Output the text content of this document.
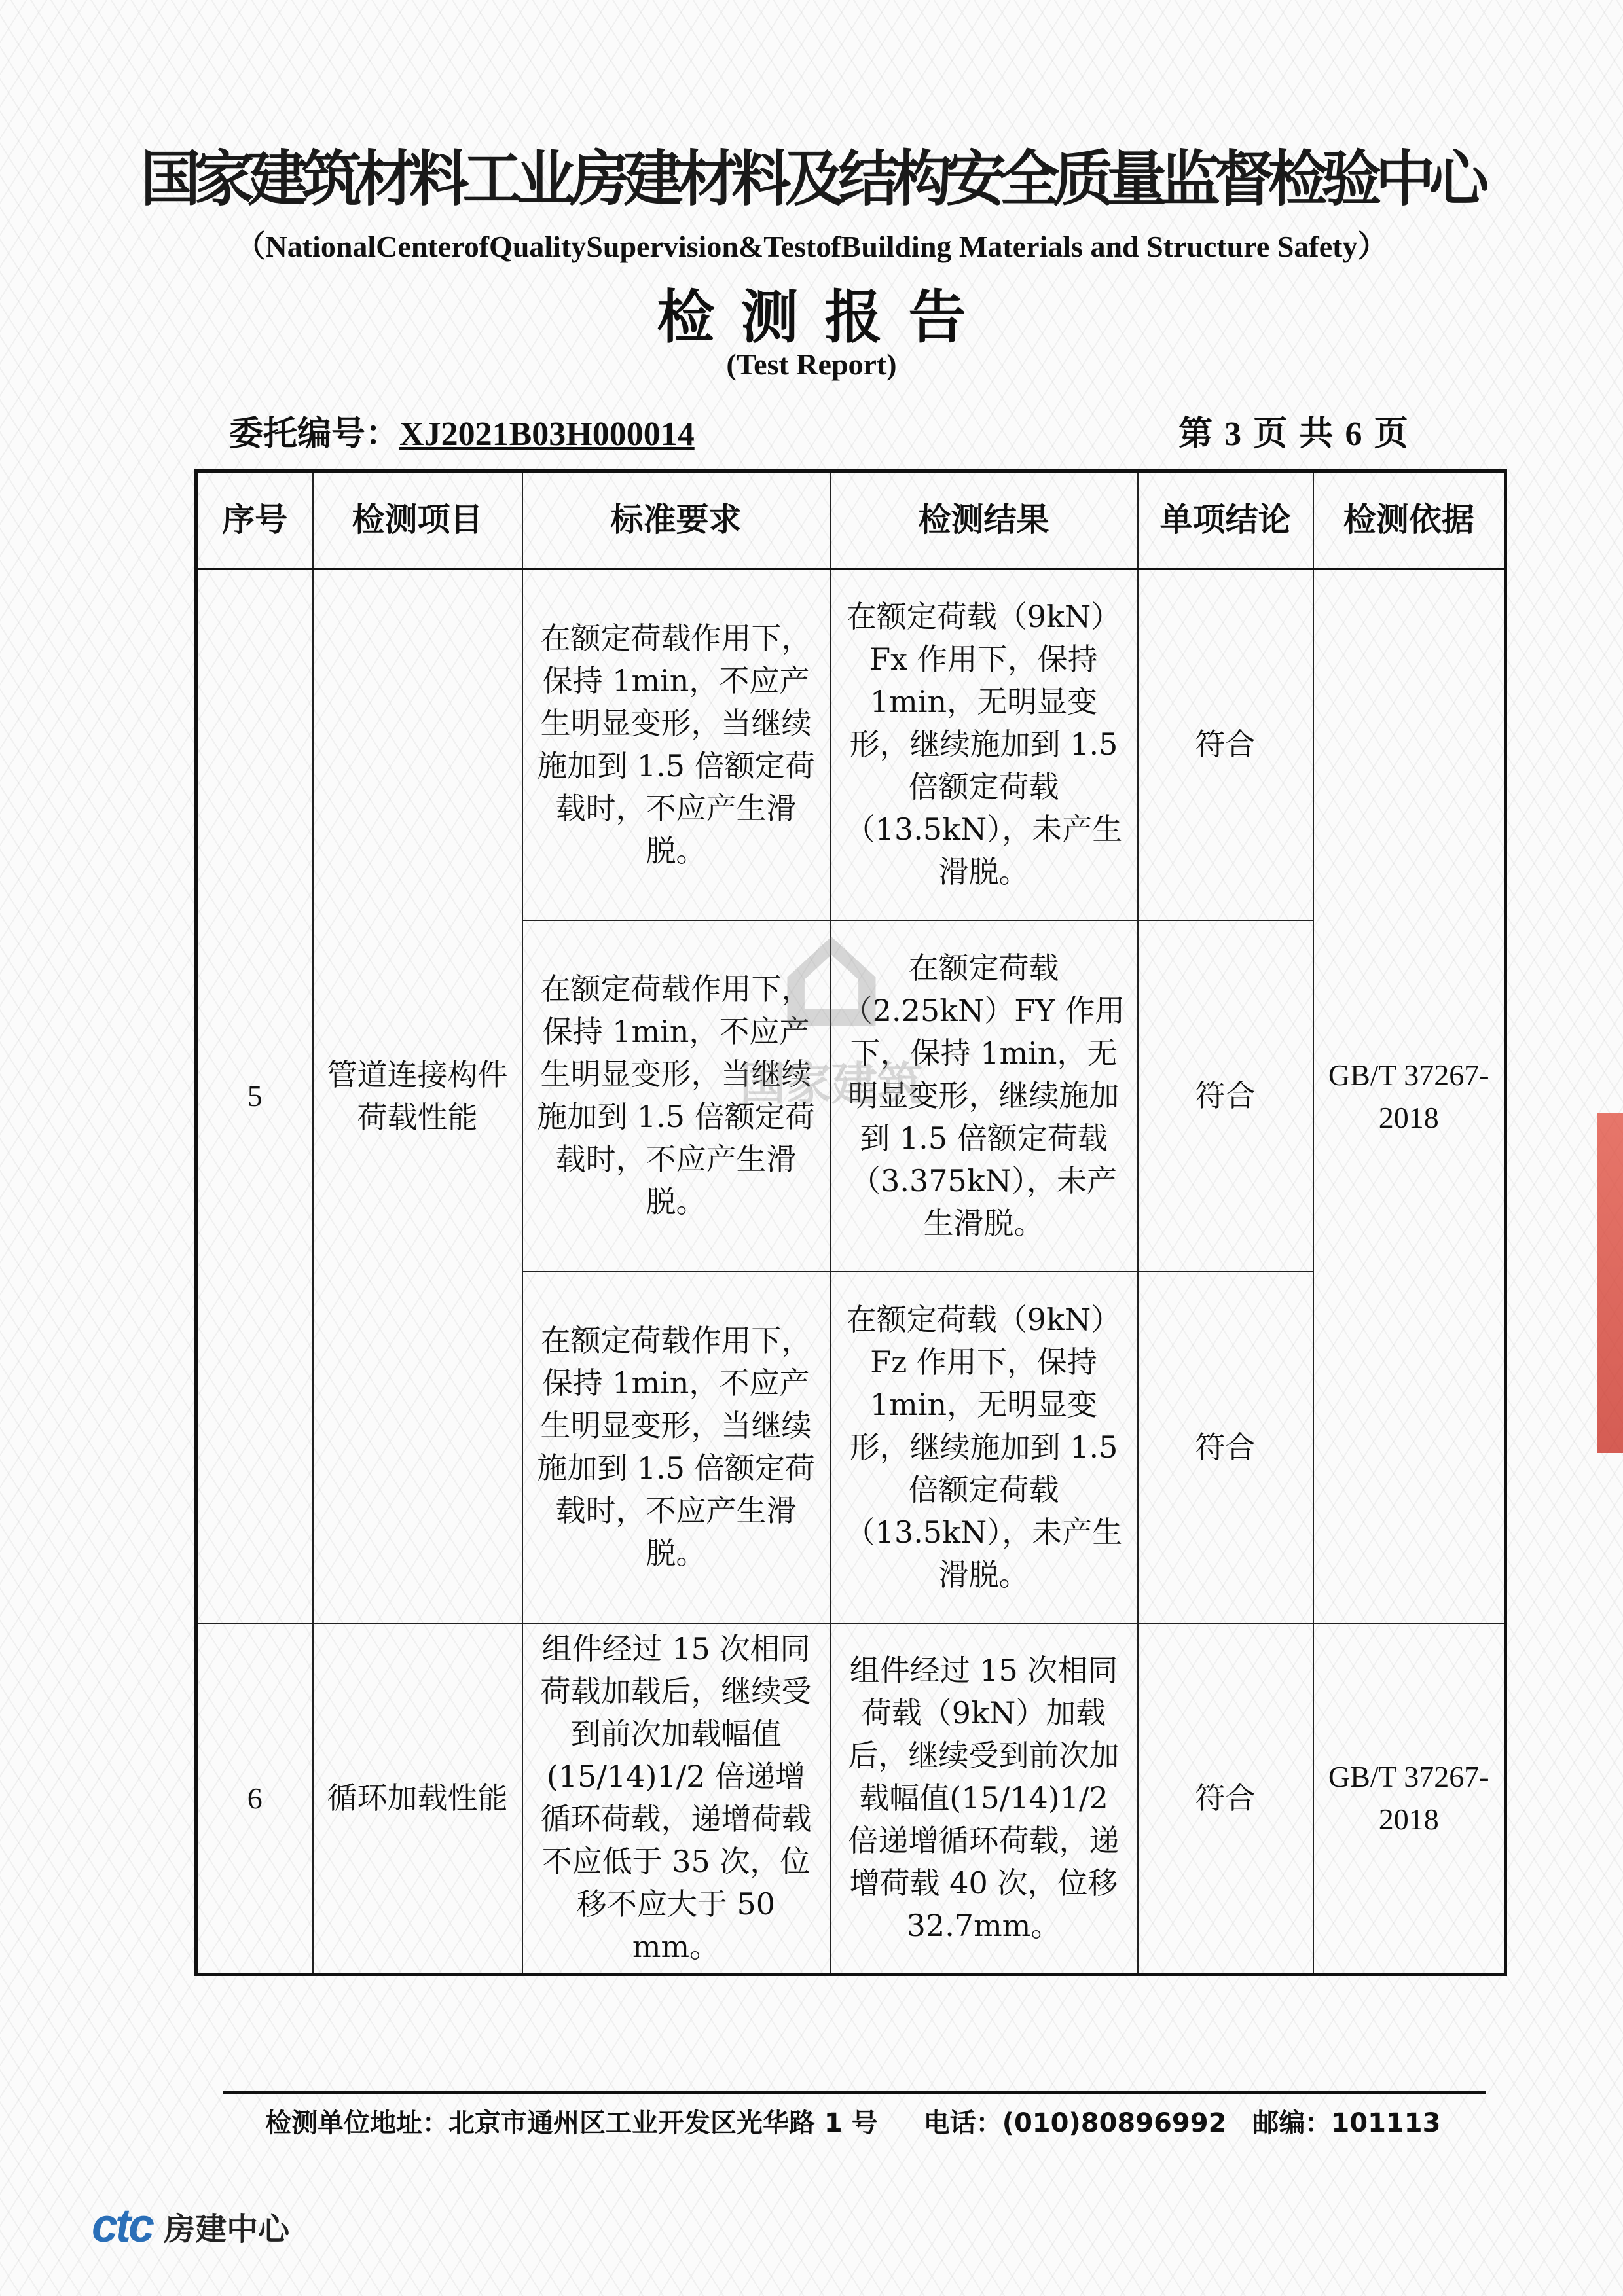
国家建筑材料工业房建材料及结构安全质量监督检验中心
（NationalCenterofQualitySupervision&TestofBuilding Materials and Structure Safety）
检测报告
(Test Report)
委托编号：XJ2021B03H000014	第 3 页 共 6 页
序号	检测项目	标准要求	检测结果	单项结论	检测依据
5	管道连接构件荷载性能	在额定荷载作用下，保持 1min，不应产生明显变形，当继续施加到 1.5 倍额定荷载时，不应产生滑脱。	在额定荷载（9kN）Fx 作用下，保持 1min，无明显变形，继续施加到 1.5 倍额定荷载（13.5kN），未产生滑脱。	符合	GB/T 37267-2018
		在额定荷载作用下，保持 1min，不应产生明显变形，当继续施加到 1.5 倍额定荷载时，不应产生滑脱。	在额定荷载（2.25kN）FY 作用下，保持 1min，无明显变形，继续施加到 1.5 倍额定荷载（3.375kN），未产生滑脱。	符合	
		在额定荷载作用下，保持 1min，不应产生明显变形，当继续施加到 1.5 倍额定荷载时，不应产生滑脱。	在额定荷载（9kN）Fz 作用下，保持 1min，无明显变形，继续施加到 1.5 倍额定荷载（13.5kN），未产生滑脱。	符合	
6	循环加载性能	组件经过 15 次相同荷载加载后，继续受到前次加载幅值(15/14)1/2 倍递增循环荷载，递增荷载不应低于 35 次，位移不应大于 50 mm。	组件经过 15 次相同荷载（9kN）加载后，继续受到前次加载幅值(15/14)1/2 倍递增循环荷载，递增荷载 40 次，位移 32.7mm。	符合	GB/T 37267-2018
⌂
国家建筑
检测单位地址：北京市通州区工业开发区光华路 1 号 电话：(010)80896992 邮编：101113
ctc 房建中心
